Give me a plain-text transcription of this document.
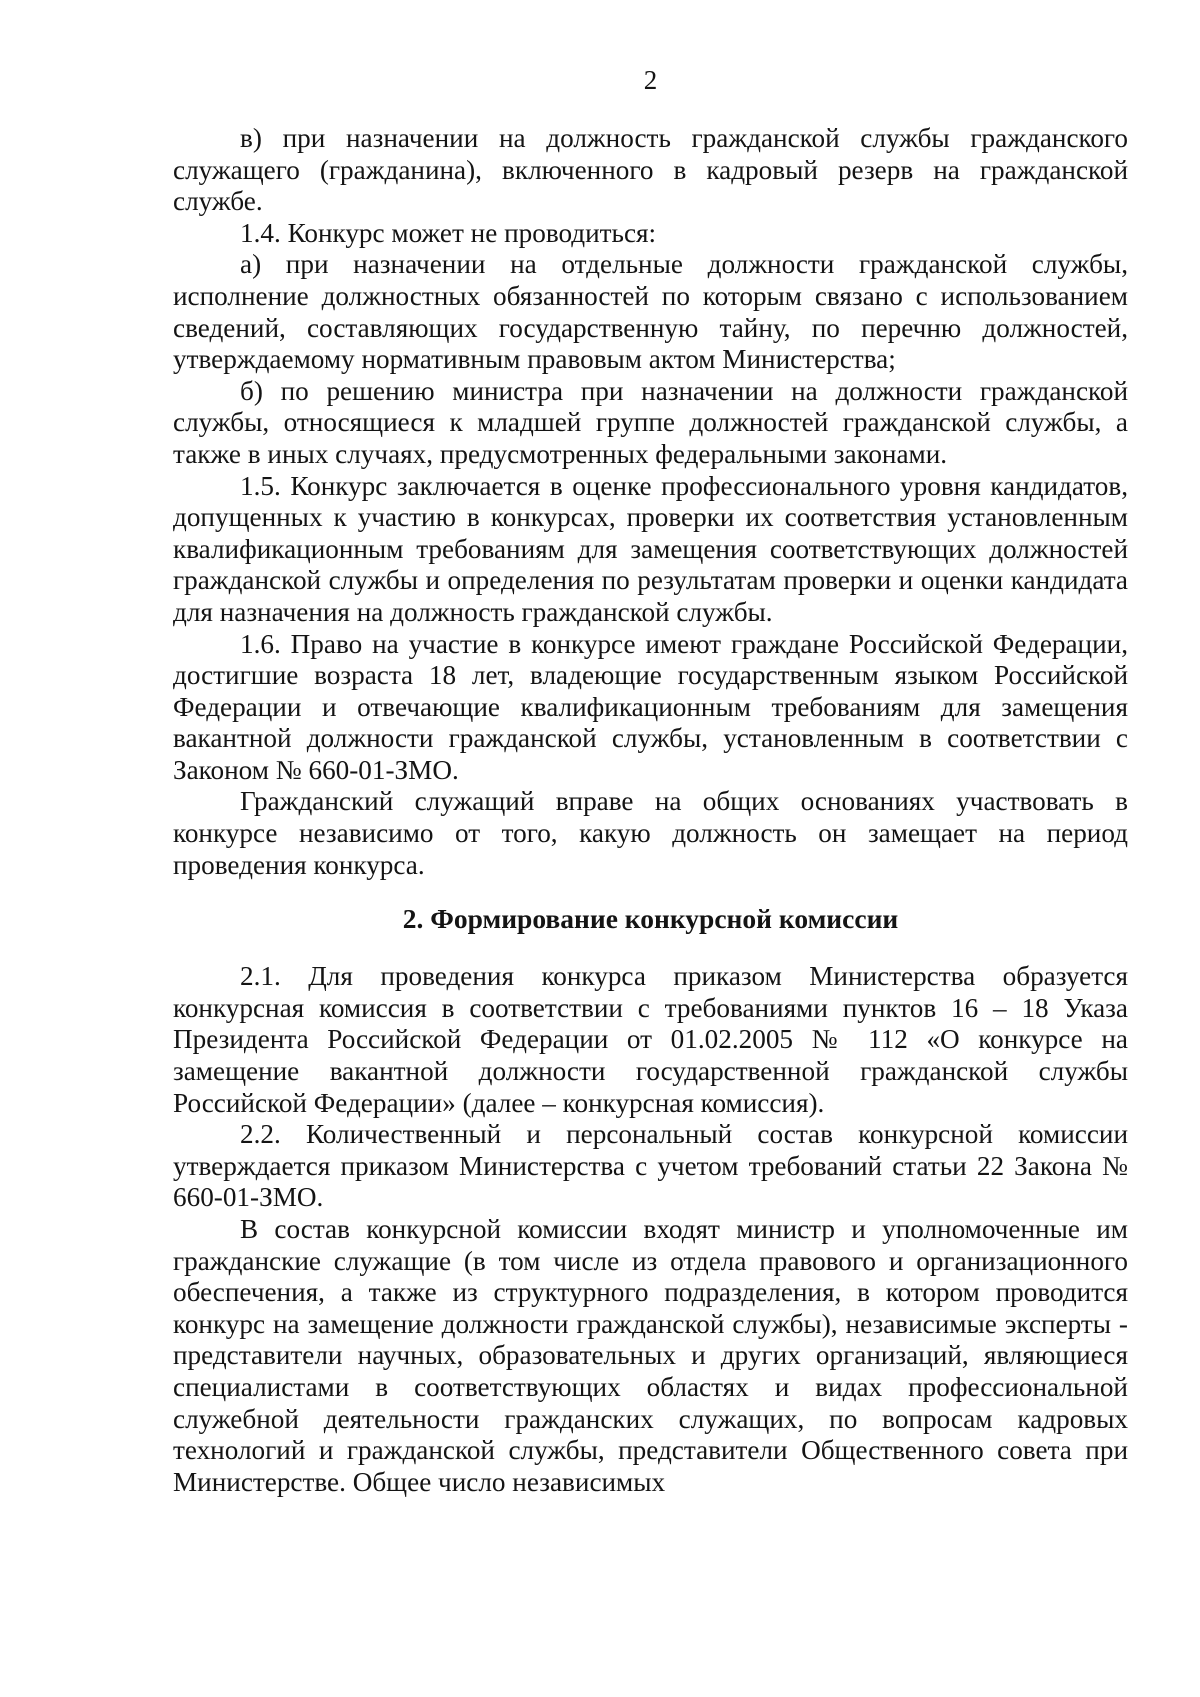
2

в) при назначении на должность гражданской службы гражданского служащего (гражданина), включенного в кадровый резерв на гражданской службе.

1.4. Конкурс может не проводиться:

а) при назначении на отдельные должности гражданской службы, исполнение должностных обязанностей по которым связано с использованием сведений, составляющих государственную тайну, по перечню должностей, утверждаемому нормативным правовым актом Министерства;

б) по решению министра при назначении на должности гражданской службы, относящиеся к младшей группе должностей гражданской службы, а также в иных случаях, предусмотренных федеральными законами.

1.5. Конкурс заключается в оценке профессионального уровня кандидатов, допущенных к участию в конкурсах, проверки их соответствия установленным квалификационным требованиям для замещения соответствующих должностей гражданской службы и определения по результатам проверки и оценки кандидата для назначения на должность гражданской службы.

1.6. Право на участие в конкурсе имеют граждане Российской Федерации, достигшие возраста 18 лет, владеющие государственным языком Российской Федерации и отвечающие квалификационным требованиям для замещения вакантной должности гражданской службы, установленным в соответствии с Законом № 660-01-ЗМО.

Гражданский служащий вправе на общих основаниях участвовать в конкурсе независимо от того, какую должность он замещает на период проведения конкурса.

2. Формирование конкурсной комиссии

2.1. Для проведения конкурса приказом Министерства образуется конкурсная комиссия в соответствии с требованиями пунктов 16 – 18 Указа Президента Российской Федерации от 01.02.2005 № 112 «О конкурсе на замещение вакантной должности государственной гражданской службы Российской Федерации» (далее – конкурсная комиссия).

2.2. Количественный и персональный состав конкурсной комиссии утверждается приказом Министерства с учетом требований статьи 22 Закона № 660-01-ЗМО.

В состав конкурсной комиссии входят министр и уполномоченные им гражданские служащие (в том числе из отдела правового и организационного обеспечения, а также из структурного подразделения, в котором проводится конкурс на замещение должности гражданской службы), независимые эксперты - представители научных, образовательных и других организаций, являющиеся специалистами в соответствующих областях и видах профессиональной служебной деятельности гражданских служащих, по вопросам кадровых технологий и гражданской службы, представители Общественного совета при Министерстве. Общее число независимых
